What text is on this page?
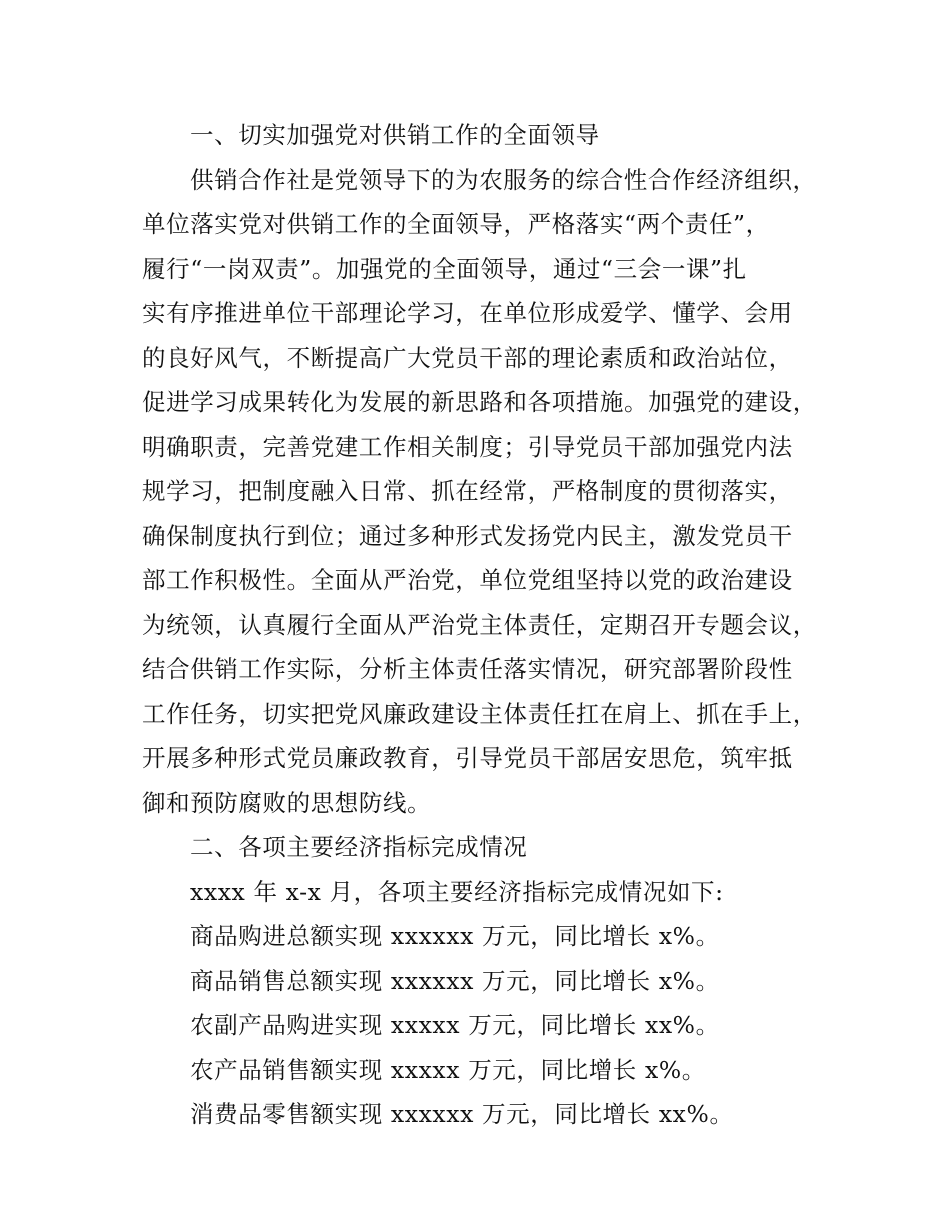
一、切实加强党对供销工作的全面领导
供销合作社是党领导下的为农服务的综合性合作经济组织，
单位落实党对供销工作的全面领导，严格落实“两个责任”，
履行“一岗双责”。加强党的全面领导，通过“三会一课”扎
实有序推进单位干部理论学习，在单位形成爱学、懂学、会用
的良好风气，不断提高广大党员干部的理论素质和政治站位，
促进学习成果转化为发展的新思路和各项措施。加强党的建设，
明确职责，完善党建工作相关制度；引导党员干部加强党内法
规学习，把制度融入日常、抓在经常，严格制度的贯彻落实，
确保制度执行到位；通过多种形式发扬党内民主，激发党员干
部工作积极性。全面从严治党，单位党组坚持以党的政治建设
为统领，认真履行全面从严治党主体责任，定期召开专题会议，
结合供销工作实际，分析主体责任落实情况，研究部署阶段性
工作任务，切实把党风廉政建设主体责任扛在肩上、抓在手上，
开展多种形式党员廉政教育，引导党员干部居安思危，筑牢抵
御和预防腐败的思想防线。
二、各项主要经济指标完成情况
xxxx 年 x-x 月，各项主要经济指标完成情况如下:
商品购进总额实现 xxxxxx 万元，同比增长 x%。
商品销售总额实现 xxxxxx 万元，同比增长 x%。
农副产品购进实现 xxxxx 万元，同比增长 xx%。
农产品销售额实现 xxxxx 万元，同比增长 x%。
消费品零售额实现 xxxxxx 万元，同比增长 xx%。
